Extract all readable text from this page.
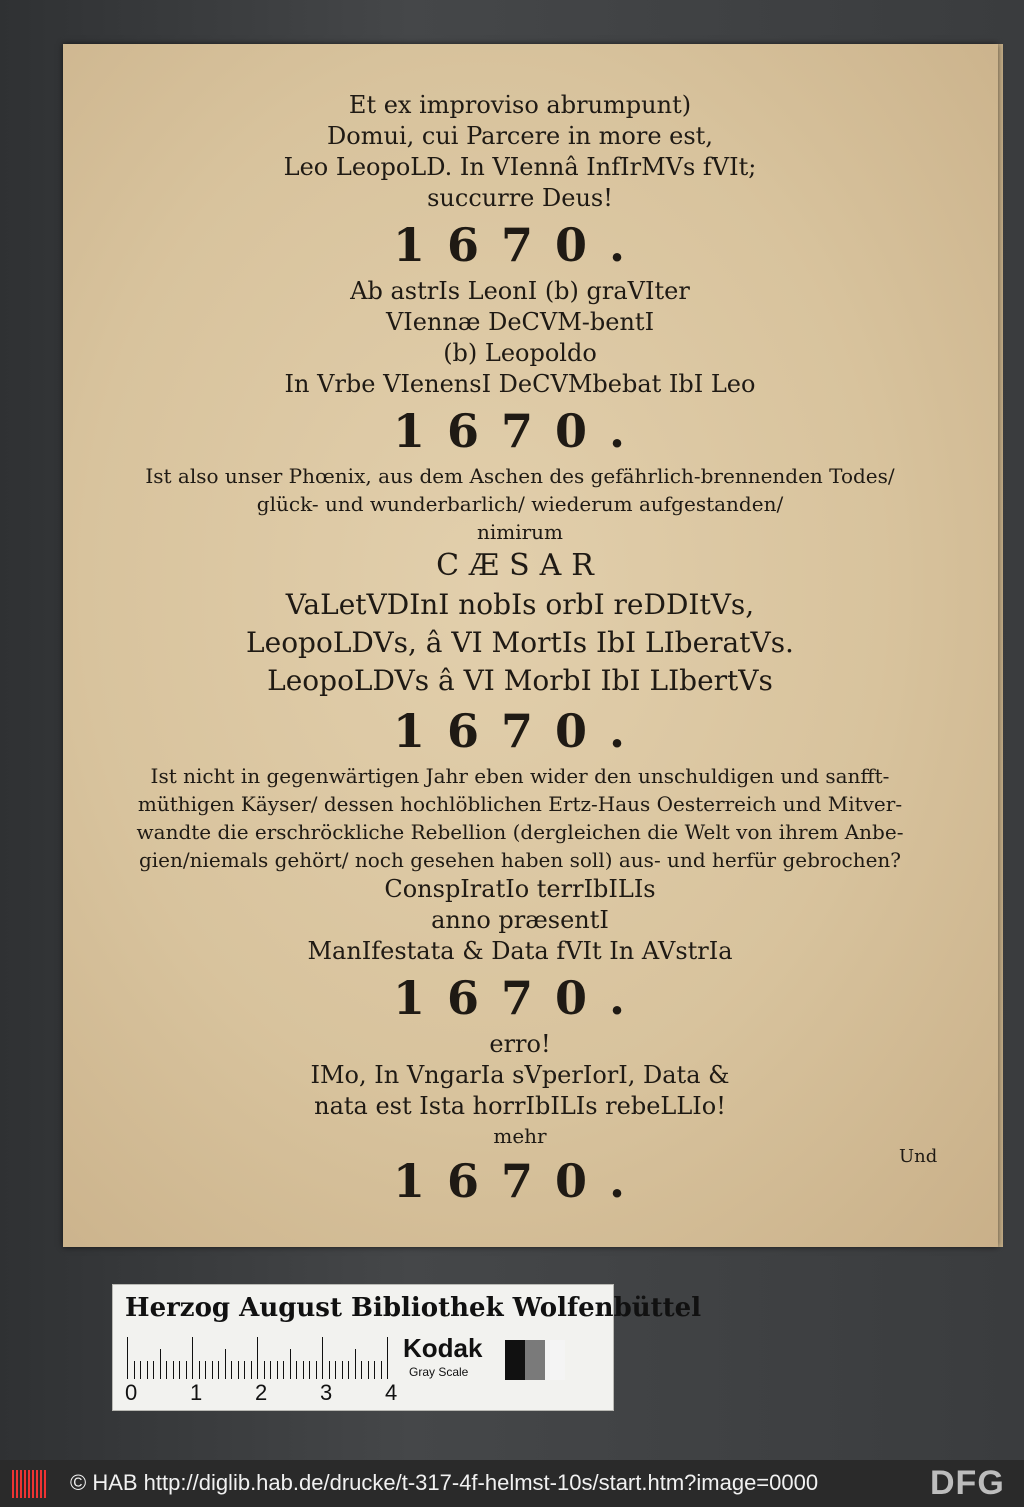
Et ex improviso abrumpunt)
Domui, cui Parcere in more est,
Leo LeopoLD. In VIennâ InfIrMVs fVIt;
succurre Deus!
1670.
Ab astrIs LeonI (b) graVIter
VIennæ DeCVM-bentI
(b) Leopoldo
In Vrbe VIenensI DeCVMbebat IbI Leo
1670.
Ist also unser Phœnix, aus dem Aschen des gefährlich-brennenden Todes/
glück- und wunderbarlich/ wiederum aufgestanden/
nimirum
CÆSAR
VaLetVDInI nobIs orbI reDDItVs,
LeopoLDVs, â VI MortIs IbI LIberatVs.
LeopoLDVs â VI MorbI IbI LIbertVs
1670.
Ist nicht in gegenwärtigen Jahr eben wider den unschuldigen und sanfft-
müthigen Käyser/ dessen hochlöblichen Ertz-Haus Oesterreich und Mitver-
wandte die erschröckliche Rebellion (dergleichen die Welt von ihrem Anbe-
gien/niemals gehört/ noch gesehen haben soll) aus- und herfür gebrochen?
ConspIratIo terrIbILIs
anno præsentI
ManIfestata & Data fVIt In AVstrIa
1670.
erro!
IMo, In VngarIa sVperIorI, Data &
nata est Ista horrIbILIs rebeLLIo!
mehr
1670.	Und
Herzog August Bibliothek Wolfenbüttel
0 1 2 3 4
Kodak
Gray Scale
© HAB http://diglib.hab.de/drucke/t-317-4f-helmst-10s/start.htm?image=0000	DFG
